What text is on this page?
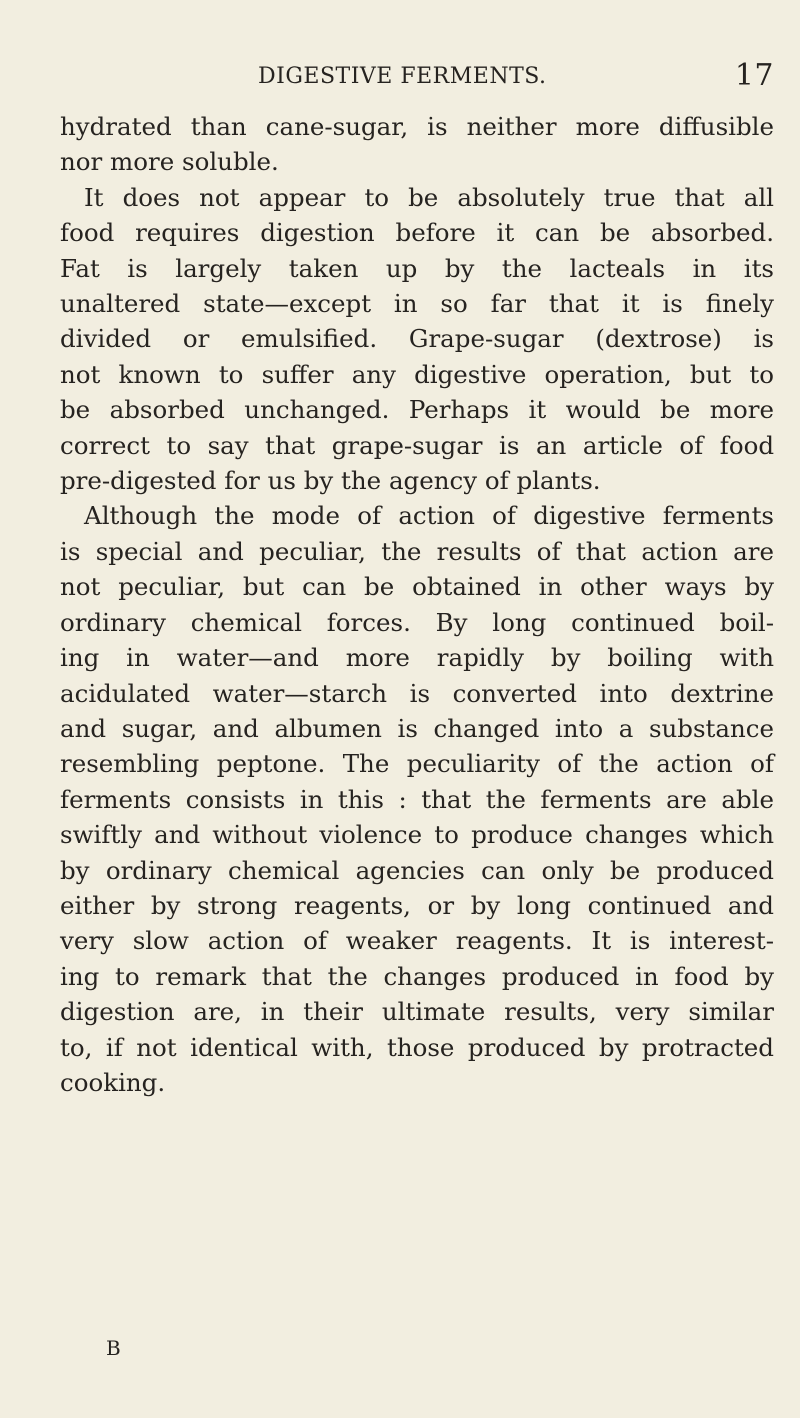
DIGESTIVE FERMENTS.	17
hydrated than cane-sugar, is neither more diffusible
nor more soluble.
It does not appear to be absolutely true that all
food requires digestion before it can be absorbed.
Fat is largely taken up by the lacteals in its
unaltered state—except in so far that it is finely
divided or emulsified. Grape-sugar (dextrose) is
not known to suffer any digestive operation, but to
be absorbed unchanged. Perhaps it would be more
correct to say that grape-sugar is an article of food
pre-digested for us by the agency of plants.
Although the mode of action of digestive ferments
is special and peculiar, the results of that action are
not peculiar, but can be obtained in other ways by
ordinary chemical forces. By long continued boil-
ing in water—and more rapidly by boiling with
acidulated water—starch is converted into dextrine
and sugar, and albumen is changed into a substance
resembling peptone. The peculiarity of the action of
ferments consists in this : that the ferments are able
swiftly and without violence to produce changes which
by ordinary chemical agencies can only be produced
either by strong reagents, or by long continued and
very slow action of weaker reagents. It is interest-
ing to remark that the changes produced in food by
digestion are, in their ultimate results, very similar
to, if not identical with, those produced by protracted
cooking.
B
